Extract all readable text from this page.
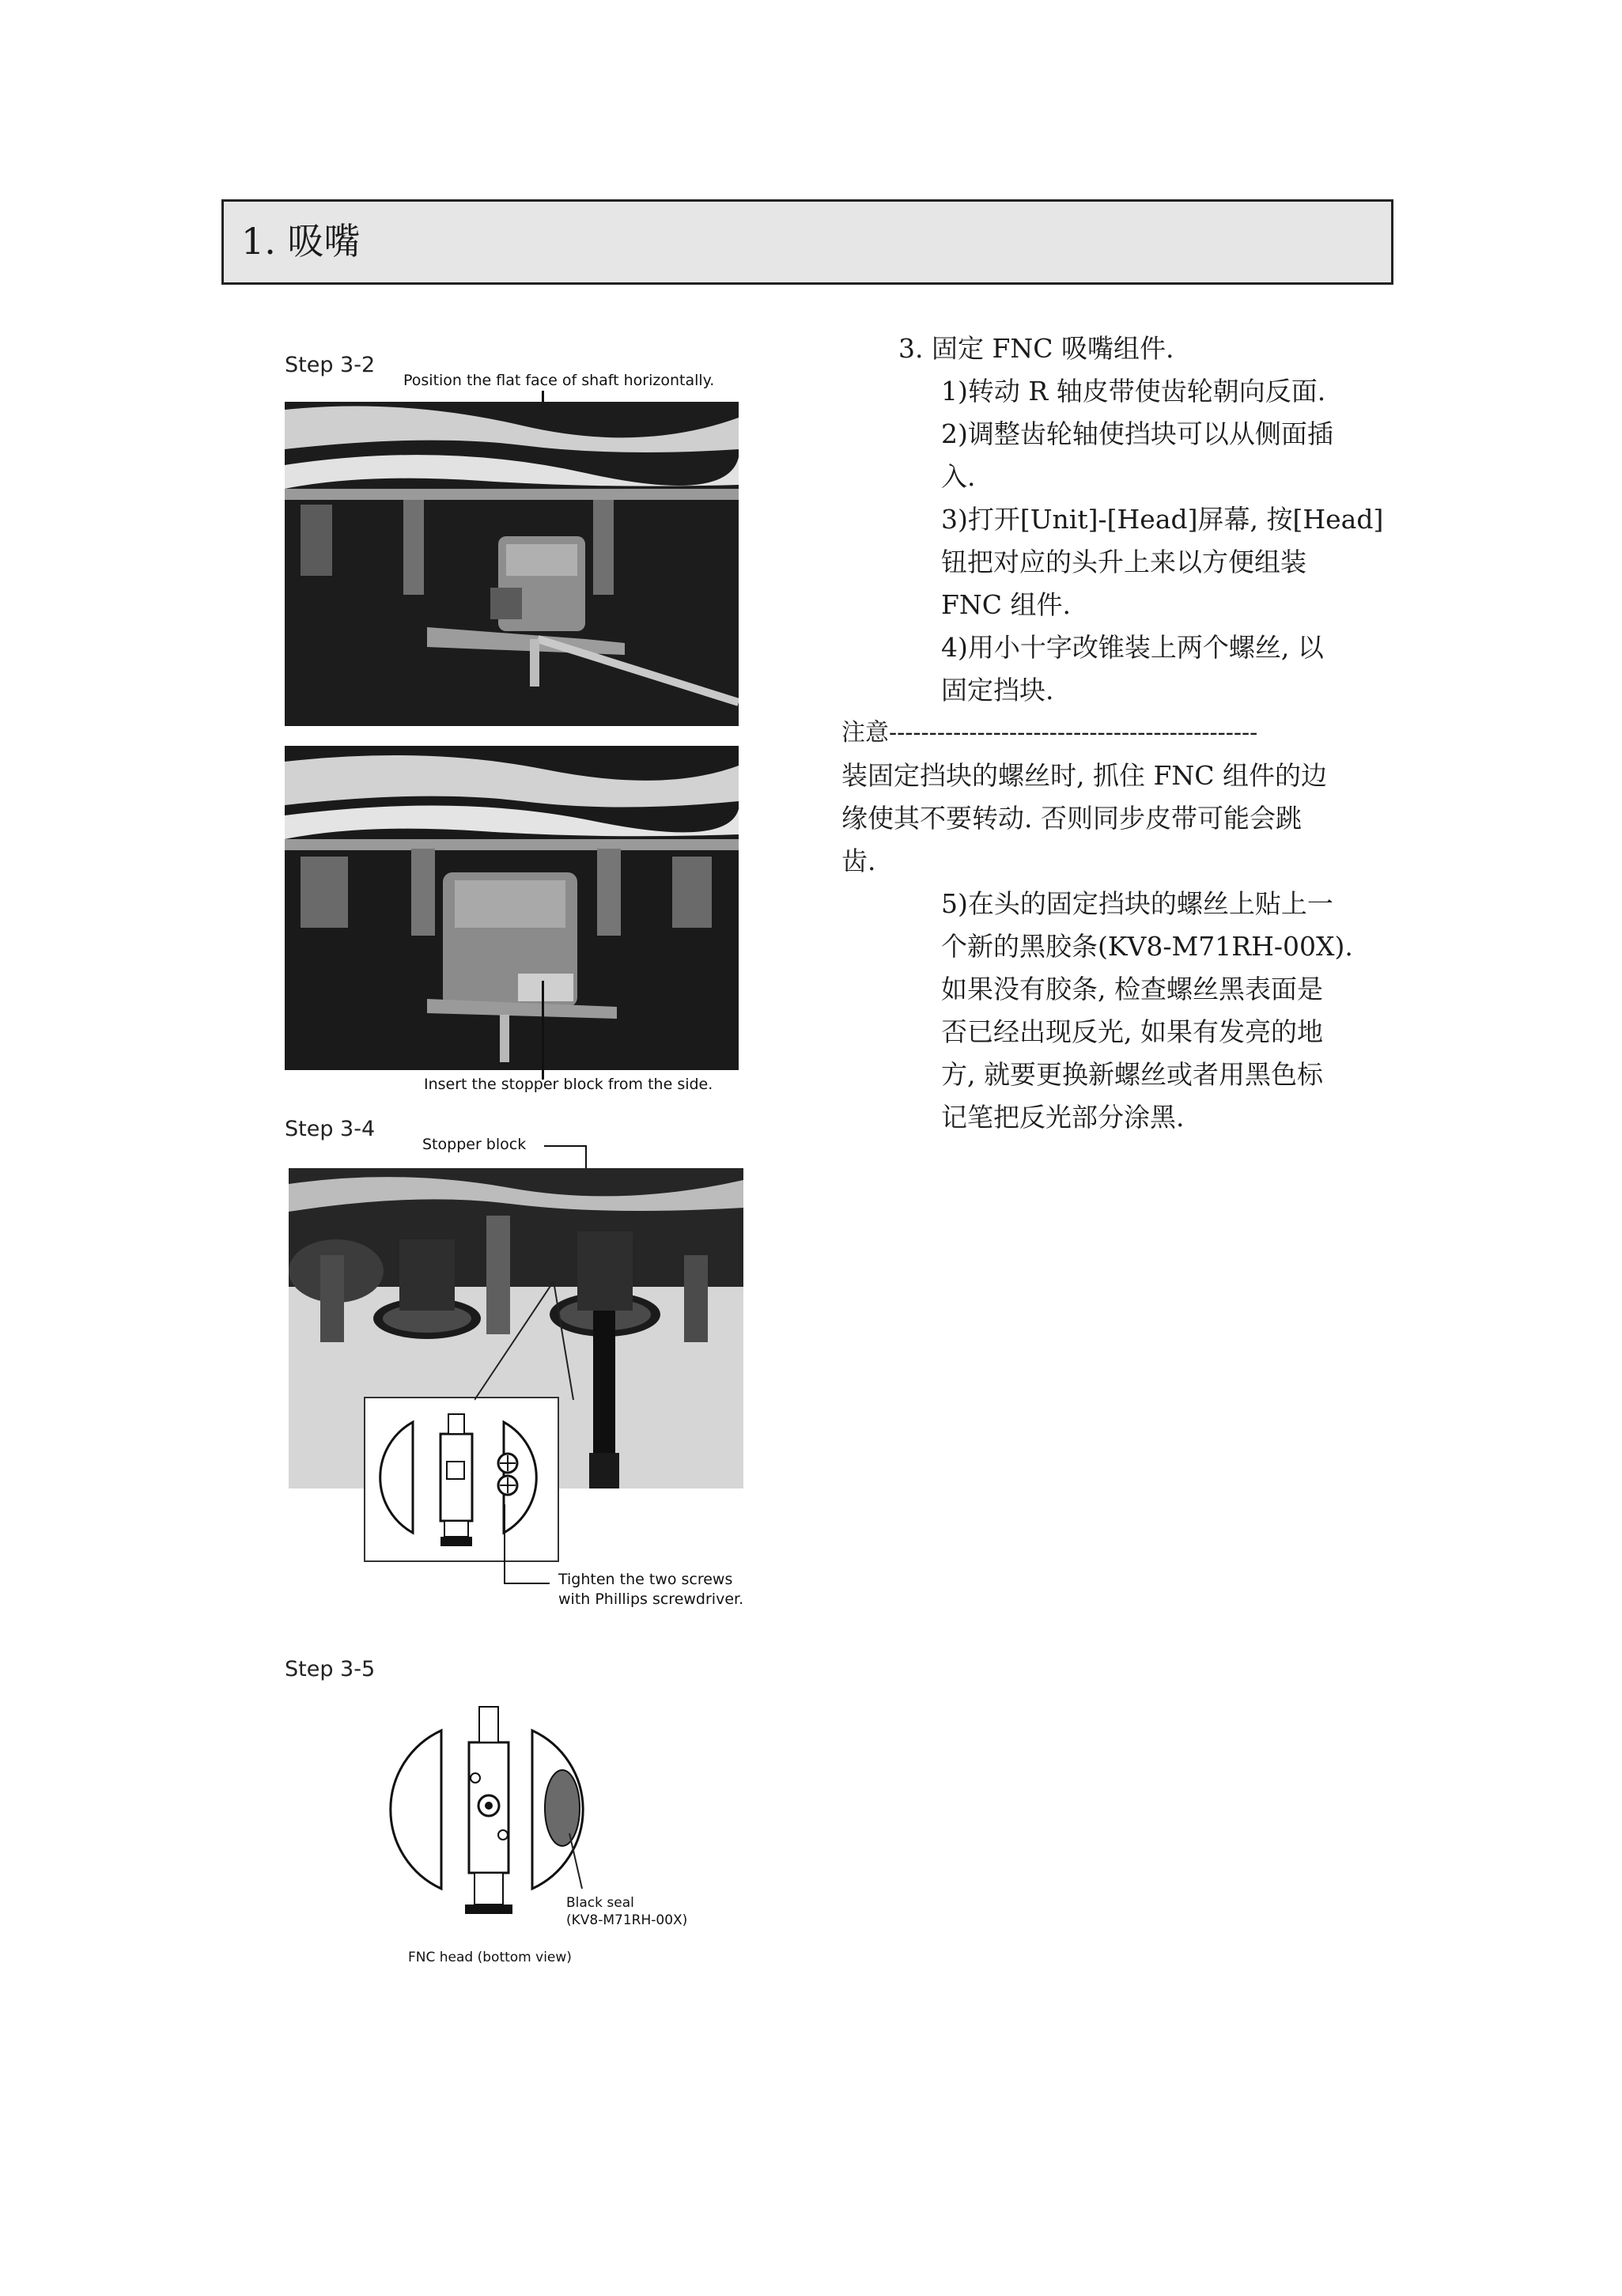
1. 吸嘴
Step 3-2
Position the flat face of shaft horizontally.
Insert the stopper block from the side.
Step 3-4
Stopper block
Tighten the two screws
with Phillips screwdriver.
Step 3-5
Black seal
(KV8-M71RH-00X)
FNC head (bottom view)
3. 固定 FNC 吸嘴组件.
1)转动 R 轴皮带使齿轮朝向反面.
2)调整齿轮轴使挡块可以从侧面插
入.
3)打开[Unit]-[Head]屏幕, 按[Head]
钮把对应的头升上来以方便组装
FNC 组件.
4)用小十字改锥装上两个螺丝, 以
固定挡块.
注意----------------------------------------------
装固定挡块的螺丝时, 抓住 FNC 组件的边
缘使其不要转动. 否则同步皮带可能会跳
齿.
5)在头的固定挡块的螺丝上贴上一
个新的黑胶条(KV8-M71RH-00X).
如果没有胶条, 检查螺丝黑表面是
否已经出现反光, 如果有发亮的地
方, 就要更换新螺丝或者用黑色标
记笔把反光部分涂黑.
